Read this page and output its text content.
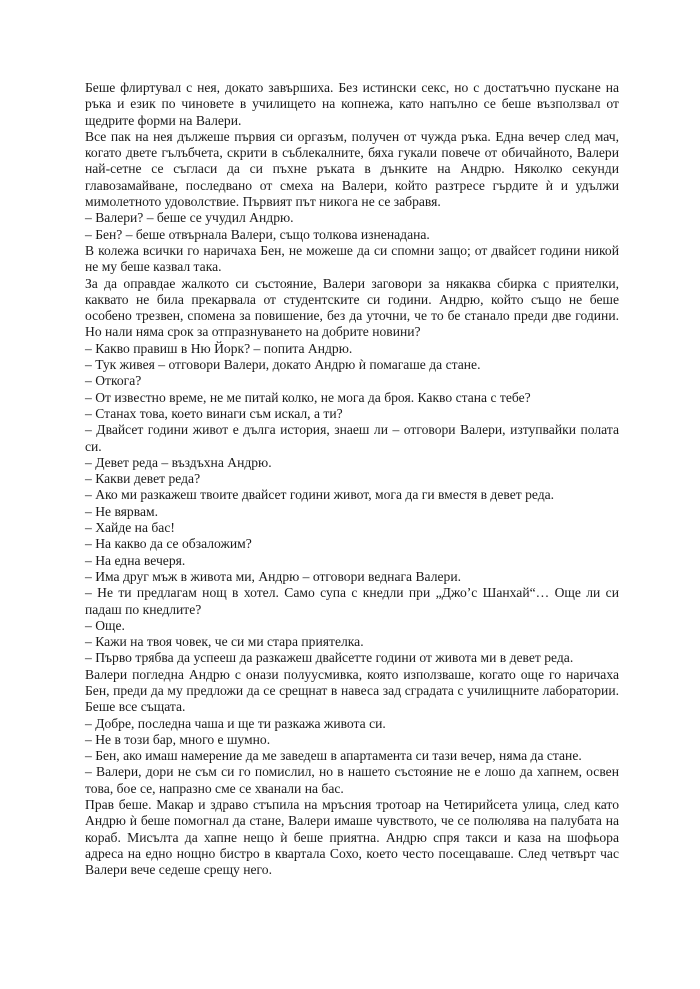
Беше флиртувал с нея, докато завършиха. Без истински секс, но с достатъчно пускане на ръка и език по чиновете в училището на копнежа, като напълно се беше възползвал от щедрите форми на Валери.

Все пак на нея дължеше първия си оргазъм, получен от чужда ръка. Една вечер след мач, когато двете гълъбчета, скрити в съблекалните, бяха гукали повече от обичайното, Валери най-сетне се съгласи да си пъхне ръката в дънките на Андрю. Няколко секунди главозамайване, последвано от смеха на Валери, който разтресе гърдите ѝ и удължи мимолетното удоволствие. Първият път никога не се забравя.

– Валери? – беше се учудил Андрю.

– Бен? – беше отвърнала Валери, също толкова изненадана.

В колежа всички го наричаха Бен, не можеше да си спомни защо; от двайсет години никой не му беше казвал така.

За да оправдае жалкото си състояние, Валери заговори за някаква сбирка с приятелки, каквато не била прекарвала от студентските си години. Андрю, който също не беше особено трезвен, спомена за повишение, без да уточни, че то бе станало преди две години. Но нали няма срок за отпразнуването на добрите новини?

– Какво правиш в Ню Йорк? – попита Андрю.

– Тук живея – отговори Валери, докато Андрю ѝ помагаше да стане.

– Откога?

– От известно време, не ме питай колко, не мога да броя. Какво стана с тебе?

– Станах това, което винаги съм искал, а ти?

– Двайсет години живот е дълга история, знаеш ли – отговори Валери, изтупвайки полата си.

– Девет реда – въздъхна Андрю.

– Какви девет реда?

– Ако ми разкажеш твоите двайсет години живот, мога да ги вместя в девет реда.

– Не вярвам.

– Хайде на бас!

– На какво да се обзаложим?

– На една вечеря.

– Има друг мъж в живота ми, Андрю – отговори веднага Валери.

– Не ти предлагам нощ в хотел. Само супа с кнедли при „Джо’с Шанхай“… Още ли си падаш по кнедлите?

– Още.

– Кажи на твоя човек, че си ми стара приятелка.

– Първо трябва да успееш да разкажеш двайсетте години от живота ми в девет реда.

Валери погледна Андрю с онази полуусмивка, която използваше, когато още го наричаха Бен, преди да му предложи да се срещнат в навеса зад сградата с училищните лаборатории. Беше все същата.

– Добре, последна чаша и ще ти разкажа живота си.

– Не в този бар, много е шумно.

– Бен, ако имаш намерение да ме заведеш в апартамента си тази вечер, няма да стане.

– Валери, дори не съм си го помислил, но в нашето състояние не е лошо да хапнем, освен това, бое се, напразно сме се хванали на бас.

Прав беше. Макар и здраво стъпила на мръсния тротоар на Четирийсета улица, след като Андрю ѝ беше помогнал да стане, Валери имаше чувството, че се полюлява на палубата на кораб. Мисълта да хапне нещо ѝ беше приятна. Андрю спря такси и каза на шофьора адреса на едно нощно бистро в квартала Сохо, което често посещаваше. След четвърт час Валери вече седеше срещу него.
